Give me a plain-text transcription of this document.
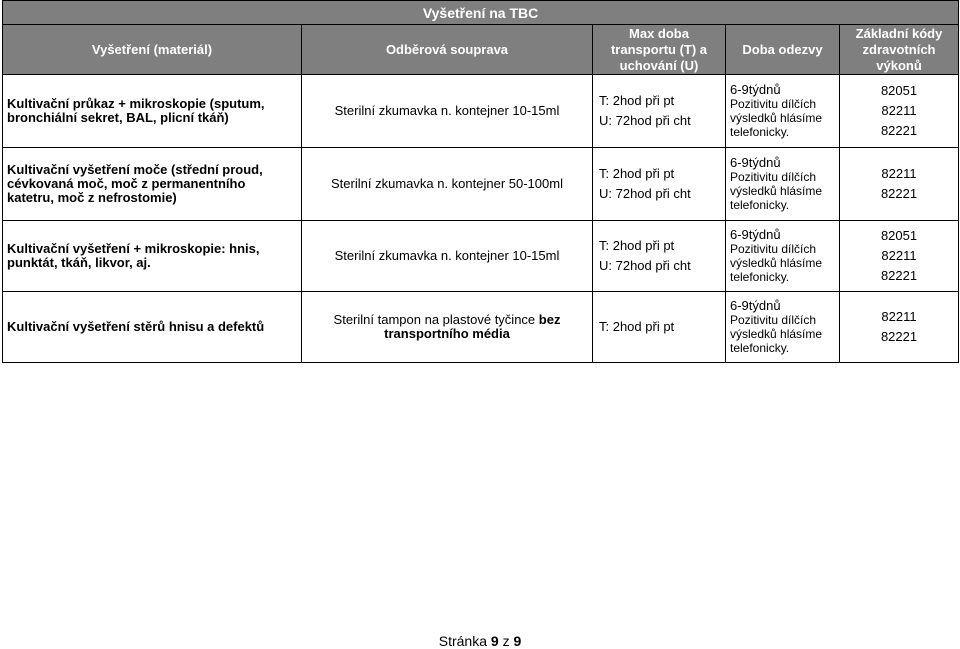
Vyšetření na TBC				
Vyšetření (materiál)	Odběrová souprava	Max doba transportu (T) a uchování (U)	Doba odezvy	Základní kódy zdravotních výkonů

Kultivační průkaz + mikroskopie (sputum,
bronchiální sekret, BAL, plicní tkáň)	Sterilní zkumavka n. kontejner 10-15ml	T: 2hod při pt
U: 72hod při cht	6-9týdnů
Pozitivitu dílčích
výsledků hlásíme
telefonicky.	82051
82211
82221

Kultivační vyšetření moče (střední proud,
cévkovaná moč, moč z permanentního
katetru, moč z nefrostomie)	Sterilní zkumavka n. kontejner 50-100ml	T: 2hod při pt
U: 72hod při cht	6-9týdnů
Pozitivitu dílčích
výsledků hlásíme
telefonicky.	82211
82221

Kultivační vyšetření + mikroskopie: hnis,
punktát, tkáň, likvor, aj.	Sterilní zkumavka n. kontejner 10-15ml	T: 2hod při pt
U: 72hod při cht	6-9týdnů
Pozitivitu dílčích
výsledků hlásíme
telefonicky.	82051
82211
82221

Kultivační vyšetření stěrů hnisu a defektů	Sterilní tampon na plastové tyčince bez
transportního média	T: 2hod při pt	6-9týdnů
Pozitivitu dílčích
výsledků hlásíme
telefonicky.	82211
82221
Stránka 9 z 9
